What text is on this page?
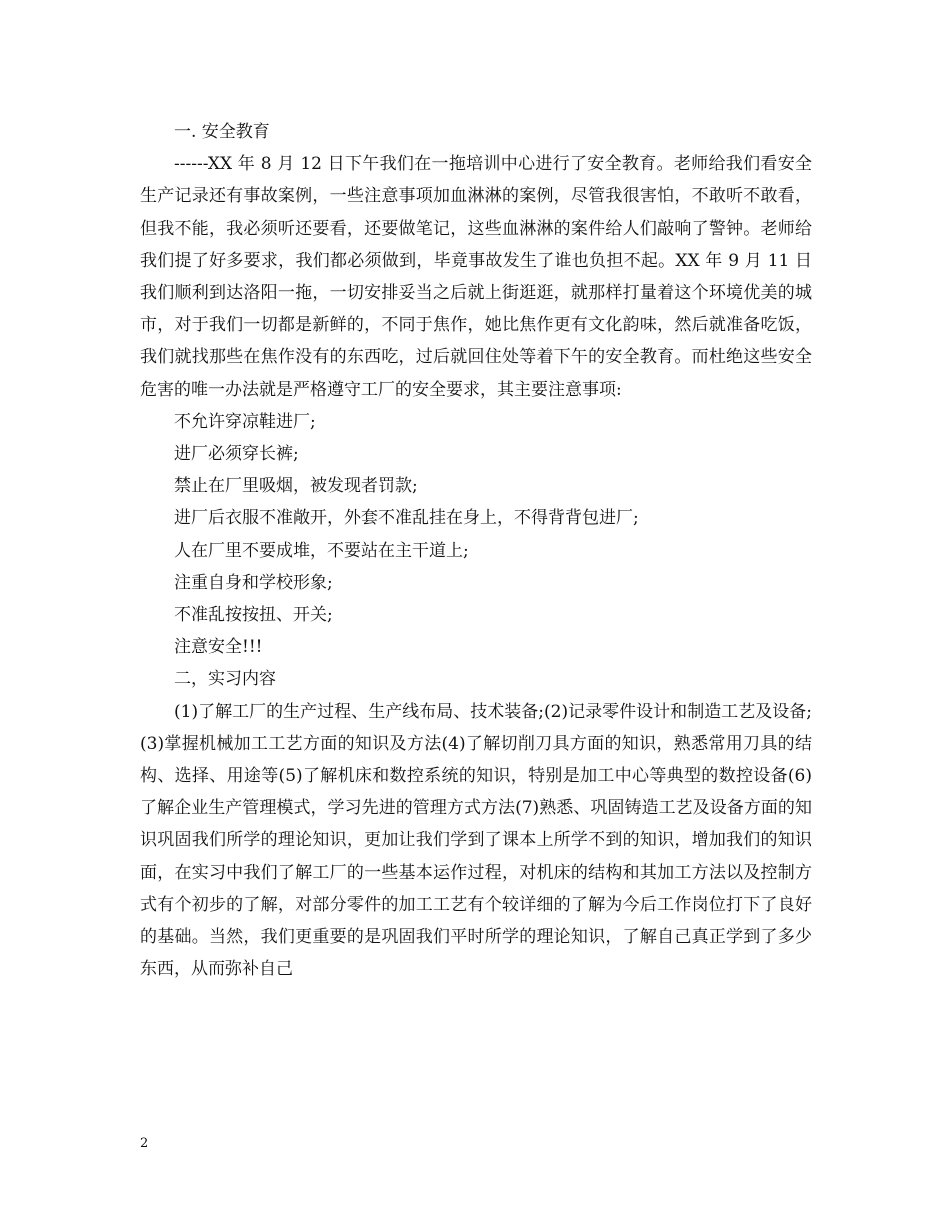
一. 安全教育

------XX 年 8 月 12 日下午我们在一拖培训中心进行了安全教育。老师给我们看安全生产记录还有事故案例，一些注意事项加血淋淋的案例，尽管我很害怕，不敢听不敢看，但我不能，我必须听还要看，还要做笔记，这些血淋淋的案件给人们敲响了警钟。老师给我们提了好多要求，我们都必须做到，毕竟事故发生了谁也负担不起。XX 年 9 月 11 日我们顺利到达洛阳一拖，一切安排妥当之后就上街逛逛，就那样打量着这个环境优美的城市，对于我们一切都是新鲜的，不同于焦作，她比焦作更有文化韵味，然后就准备吃饭，我们就找那些在焦作没有的东西吃，过后就回住处等着下午的安全教育。而杜绝这些安全危害的唯一办法就是严格遵守工厂的安全要求，其主要注意事项:

不允许穿凉鞋进厂;

进厂必须穿长裤;

禁止在厂里吸烟，被发现者罚款;

进厂后衣服不准敞开，外套不准乱挂在身上，不得背背包进厂;

人在厂里不要成堆，不要站在主干道上;

注重自身和学校形象;

不准乱按按扭、开关;

注意安全!!!

二，实习内容

(1)了解工厂的生产过程、生产线布局、技术装备;(2)记录零件设计和制造工艺及设备;(3)掌握机械加工工艺方面的知识及方法(4)了解切削刀具方面的知识，熟悉常用刀具的结构、选择、用途等(5)了解机床和数控系统的知识，特别是加工中心等典型的数控设备(6)了解企业生产管理模式，学习先进的管理方式方法(7)熟悉、巩固铸造工艺及设备方面的知识巩固我们所学的理论知识，更加让我们学到了课本上所学不到的知识，增加我们的知识面，在实习中我们了解工厂的一些基本运作过程，对机床的结构和其加工方法以及控制方式有个初步的了解，对部分零件的加工工艺有个较详细的了解为今后工作岗位打下了良好的基础。当然，我们更重要的是巩固我们平时所学的理论知识，了解自己真正学到了多少东西，从而弥补自己

2
